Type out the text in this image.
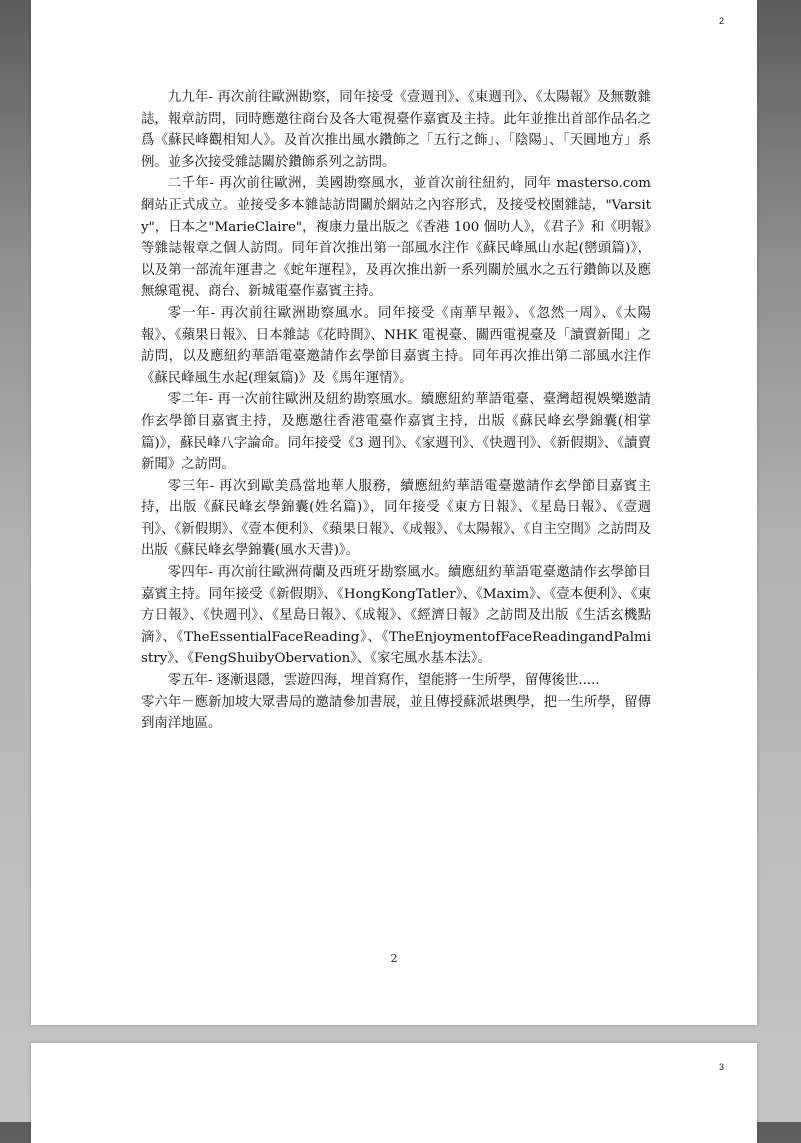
2

九九年- 再次前往歐洲勘察，同年接受《壹週刊》、《東週刊》、《太陽報》及無數雜誌，報章訪問，同時應邀往商台及各大電視臺作嘉賓及主持。此年並推出首部作品名之爲《蘇民峰觀相知人》。及首次推出風水鑽飾之「五行之飾」、「陰陽」、「天圓地方」系例。並多次接受雜誌關於鑽飾系列之訪問。

二千年- 再次前往歐洲，美國勘察風水，並首次前往紐約，同年 masterso.com 網站正式成立。並接受多本雜誌訪問關於網站之內容形式，及接受校園雜誌，"Varsity"，日本之"MarieClaire"，複康力量出版之《香港 100 個叻人》，《君子》和《明報》等雜誌報章之個人訪問。同年首次推出第一部風水注作《蘇民峰風山水起(巒頭篇)》，以及第一部流年運書之《蛇年運程》，及再次推出新一系列關於風水之五行鑽飾以及應無線電視、商台、新城電臺作嘉賓主持。

零一年- 再次前往歐洲勘察風水。同年接受《南華早報》、《忽然一周》、《太陽報》、《蘋果日報》、日本雜誌《花時間》、NHK 電視臺、關西電視臺及「讀賣新聞」之訪問，以及應紐約華語電臺邀請作玄學節目嘉賓主持。同年再次推出第二部風水注作《蘇民峰風生水起(理氣篇)》及《馬年運情》。

零二年- 再一次前往歐洲及紐約勘察風水。續應紐約華語電臺、臺灣超視娛樂邀請作玄學節目嘉賓主持，及應邀往香港電臺作嘉賓主持，出版《蘇民峰玄學錦囊(相掌篇)》，蘇民峰八字論命。同年接受《3 週刊》、《家週刊》、《快週刊》、《新假期》、《讀賣新聞》之訪問。

零三年- 再次到歐美爲當地華人服務，續應紐約華語電臺邀請作玄學節目嘉賓主持，出版《蘇民峰玄學錦囊(姓名篇)》，同年接受《東方日報》、《星島日報》、《壹週刊》、《新假期》、《壹本便利》、《蘋果日報》、《成報》、《太陽報》、《自主空間》之訪問及出版《蘇民峰玄學錦囊(風水天書)》。

零四年- 再次前往歐洲荷蘭及西班牙勘察風水。續應紐約華語電臺邀請作玄學節目嘉賓主持。同年接受《新假期》、《HongKongTatler》、《Maxim》、《壹本便利》、《東方日報》、《快週刊》、《星島日報》、《成報》、《經濟日報》之訪問及出版《生活玄機點滴》、《TheEssentialFaceReading》、《TheEnjoymentofFaceReadingandPalmistry》、《FengShuibyObervation》、《家宅風水基本法》。

零五年- 逐漸退隱，雲遊四海，埋首寫作，望能將一生所學，留傳後世.....

零六年－應新加坡大眾書局的邀請參加書展，並且傳授蘇派堪輿學，把一生所學，留傳到南洋地區。

2
3
